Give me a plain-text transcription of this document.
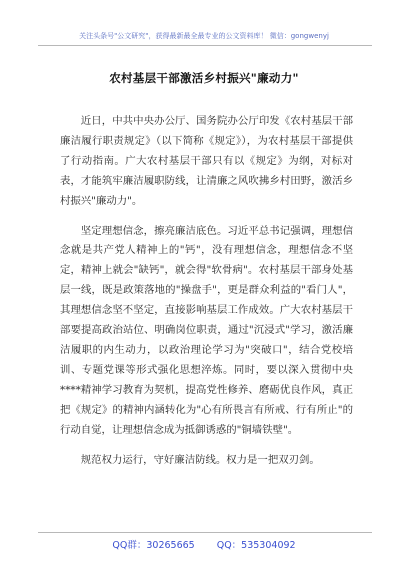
关注头条号"公文研究"，获得最新最全最专业的公文资料库！ 微信：gongwenyj
农村基层干部激活乡村振兴"廉动力"

近日，中共中央办公厅、国务院办公厅印发《农村基层干部廉洁履行职责规定》（以下简称《规定》），为农村基层干部提供了行动指南。广大农村基层干部只有以《规定》为纲，对标对表，才能筑牢廉洁履职防线，让清廉之风吹拂乡村田野，激活乡村振兴"廉动力"。

坚定理想信念，擦亮廉洁底色。习近平总书记强调，理想信念就是共产党人精神上的"钙"，没有理想信念，理想信念不坚定，精神上就会"缺钙"，就会得"软骨病"。农村基层干部身处基层一线，既是政策落地的"操盘手"，更是群众利益的"看门人"，其理想信念坚不坚定，直接影响基层工作成效。广大农村基层干部要提高政治站位、明确岗位职责，通过"沉浸式"学习，激活廉洁履职的内生动力，以政治理论学习为"突破口"，结合党校培训、专题党课等形式强化思想淬炼。同时，要以深入贯彻中央****精神学习教育为契机，提高党性修养、磨砺优良作风，真正把《规定》的精神内涵转化为"心有所畏言有所戒、行有所止"的行动自觉，让理想信念成为抵御诱惑的"铜墙铁壁"。

规范权力运行，守好廉洁防线。权力是一把双刃剑。

QQ群：30265665 QQ：535304092
